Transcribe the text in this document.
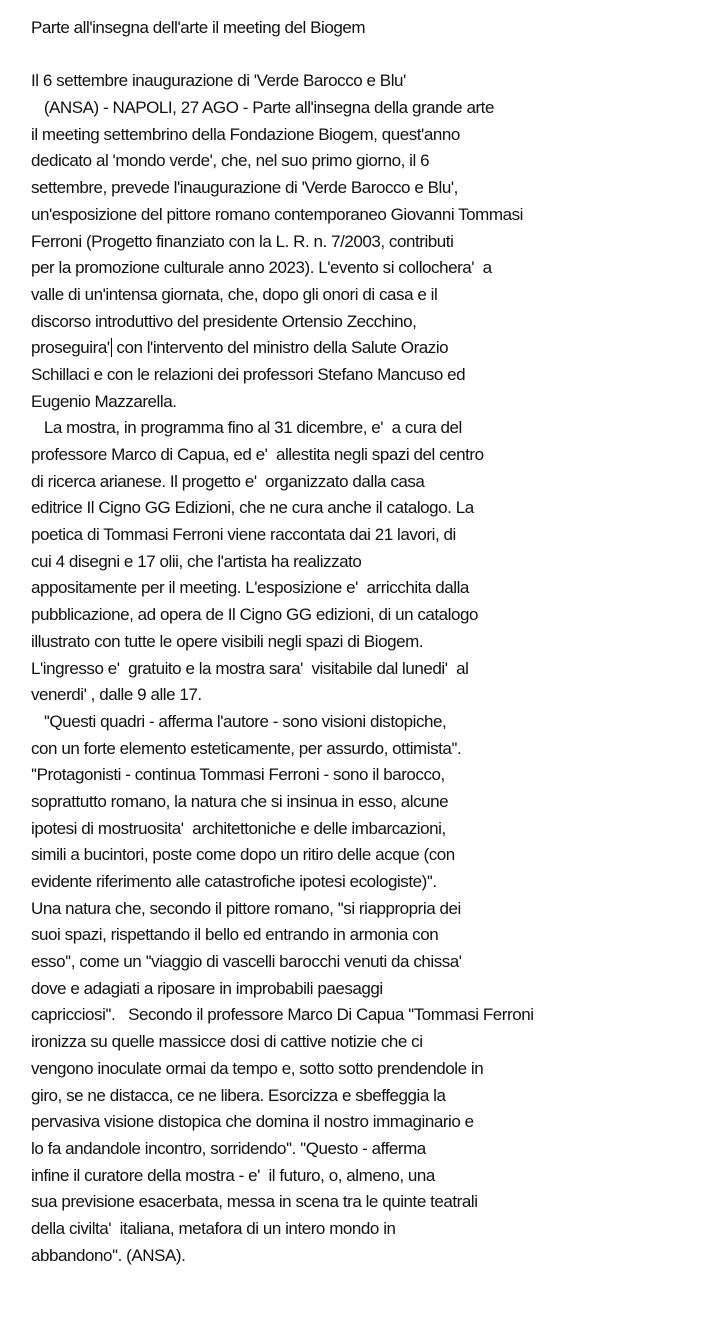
Parte all'insegna dell'arte il meeting del Biogem
Il 6 settembre inaugurazione di 'Verde Barocco e Blu'
(ANSA) - NAPOLI, 27 AGO - Parte all'insegna della grande arte
il meeting settembrino della Fondazione Biogem, quest'anno
dedicato al 'mondo verde', che, nel suo primo giorno, il 6
settembre, prevede l'inaugurazione di 'Verde Barocco e Blu',
un'esposizione del pittore romano contemporaneo Giovanni Tommasi
Ferroni (Progetto finanziato con la L. R. n. 7/2003, contributi
per la promozione culturale anno 2023). L'evento si collochera'  a
valle di un'intensa giornata, che, dopo gli onori di casa e il
discorso introduttivo del presidente Ortensio Zecchino,
proseguira' con l'intervento del ministro della Salute Orazio
Schillaci e con le relazioni dei professori Stefano Mancuso ed
Eugenio Mazzarella.
La mostra, in programma fino al 31 dicembre, e'  a cura del
professore Marco di Capua, ed e'  allestita negli spazi del centro
di ricerca arianese. Il progetto e'  organizzato dalla casa
editrice Il Cigno GG Edizioni, che ne cura anche il catalogo. La
poetica di Tommasi Ferroni viene raccontata dai 21 lavori, di
cui 4 disegni e 17 olii, che l'artista ha realizzato
appositamente per il meeting. L'esposizione e'  arricchita dalla
pubblicazione, ad opera de Il Cigno GG edizioni, di un catalogo
illustrato con tutte le opere visibili negli spazi di Biogem.
L'ingresso e'  gratuito e la mostra sara'  visitabile dal lunedi'  al
venerdi' , dalle 9 alle 17.
''Questi quadri - afferma l'autore - sono visioni distopiche,
con un forte elemento esteticamente, per assurdo, ottimista''.
''Protagonisti - continua Tommasi Ferroni - sono il barocco,
soprattutto romano, la natura che si insinua in esso, alcune
ipotesi di mostruosita'  architettoniche e delle imbarcazioni,
simili a bucintori, poste come dopo un ritiro delle acque (con
evidente riferimento alle catastrofiche ipotesi ecologiste)''.
Una natura che, secondo il pittore romano, ''si riappropria dei
suoi spazi, rispettando il bello ed entrando in armonia con
esso'', come un ''viaggio di vascelli barocchi venuti da chissa'
dove e adagiati a riposare in improbabili paesaggi
capricciosi''.   Secondo il professore Marco Di Capua ''Tommasi Ferroni
ironizza su quelle massicce dosi di cattive notizie che ci
vengono inoculate ormai da tempo e, sotto sotto prendendole in
giro, se ne distacca, ce ne libera. Esorcizza e sbeffeggia la
pervasiva visione distopica che domina il nostro immaginario e
lo fa andandole incontro, sorridendo''. ''Questo - afferma
infine il curatore della mostra - e'  il futuro, o, almeno, una
sua previsione esacerbata, messa in scena tra le quinte teatrali
della civilta'  italiana, metafora di un intero mondo in
abbandono''. (ANSA).
